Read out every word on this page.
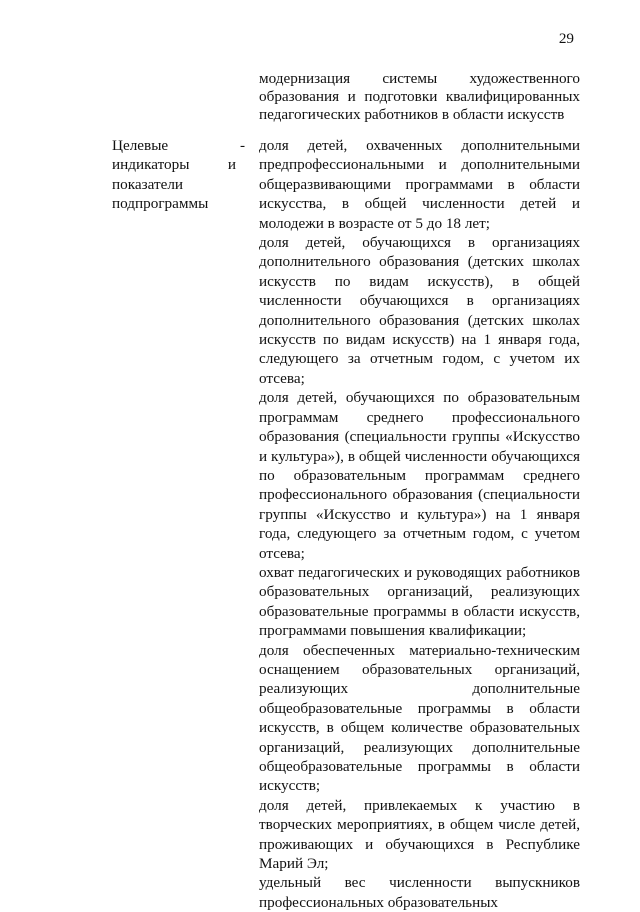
29
модернизация системы художественного образования и подготовки квалифицированных педагогических работников в области искусств
Целевые
индикаторы	и
показатели
подпрограммы
- доля детей, охваченных дополнительными предпрофессиональными и дополнительными общеразвивающими программами в области искусства, в общей численности детей и молодежи в возрасте от 5 до 18 лет;

доля детей, обучающихся в организациях дополнительного образования (детских школах искусств по видам искусств), в общей численности обучающихся в организациях дополнительного образования (детских школах искусств по видам искусств) на 1 января года, следующего за отчетным годом, с учетом их отсева;

доля детей, обучающихся по образовательным программам среднего профессионального образования (специальности группы «Искусство и культура»), в общей численности обучающихся по образовательным программам среднего профессионального образования (специальности группы «Искусство и культура») на 1 января года, следующего за отчетным годом, с учетом отсева;

охват педагогических и руководящих работников образовательных организаций, реализующих образовательные программы в области искусств, программами повышения квалификации;

доля обеспеченных материально-техническим оснащением образовательных организаций, реализующих дополнительные общеобразовательные программы в области искусств, в общем количестве образовательных организаций, реализующих дополнительные общеобразовательные программы в области искусств;

доля детей, привлекаемых к участию в творческих мероприятиях, в общем числе детей, проживающих и обучающихся в Республике Марий Эл;

удельный вес численности выпускников профессиональных образовательных
